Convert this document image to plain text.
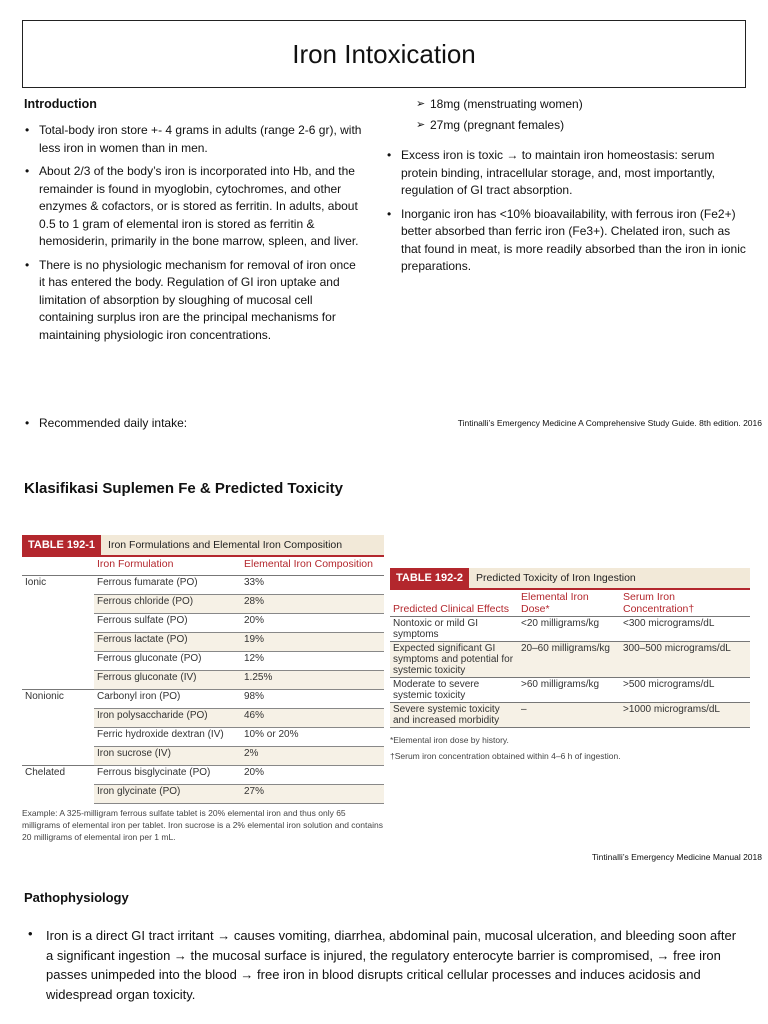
Iron Intoxication
Introduction
• Total-body iron store +- 4 grams in adults (range 2-6 gr), with less iron in women than in men.
• About 2/3 of the body’s iron is incorporated into Hb, and the remainder is found in myoglobin, cytochromes, and other enzymes & cofactors, or is stored as ferritin. In adults, about 0.5 to 1 gram of elemental iron is stored as ferritin & hemosiderin, primarily in the bone marrow, spleen, and liver.
• There is no physiologic mechanism for removal of iron once it has entered the body. Regulation of GI iron uptake and limitation of absorption by sloughing of mucosal cell containing surplus iron are the principal mechanisms for maintaining physiologic iron concentrations.
• Recommended daily intake:
➢ 18mg (menstruating women)
➢ 27mg (pregnant females)
• Excess iron is toxic → to maintain iron homeostasis: serum protein binding, intracellular storage, and, most importantly, regulation of GI tract absorption.
• Inorganic iron has <10% bioavailability, with ferrous iron (Fe2+) better absorbed than ferric iron (Fe3+). Chelated iron, such as that found in meat, is more readily absorbed than the iron in ionic preparations.
Tintinalli’s Emergency Medicine A Comprehensive Study Guide. 8th edition. 2016
Klasifikasi Suplemen Fe & Predicted Toxicity
TABLE 192-1	Iron Formulations and Elemental Iron Composition
	Iron Formulation	Elemental Iron Composition
Ionic	Ferrous fumarate (PO)	33%
	Ferrous chloride (PO)	28%
	Ferrous sulfate (PO)	20%
	Ferrous lactate (PO)	19%
	Ferrous gluconate (PO)	12%
	Ferrous gluconate (IV)	1.25%
Nonionic	Carbonyl iron (PO)	98%
	Iron polysaccharide (PO)	46%
	Ferric hydroxide dextran (IV)	10% or 20%
	Iron sucrose (IV)	2%
Chelated	Ferrous bisglycinate (PO)	20%
	Iron glycinate (PO)	27%
Example: A 325-milligram ferrous sulfate tablet is 20% elemental iron and thus only 65 milligrams of elemental iron per tablet. Iron sucrose is a 2% elemental iron solution and contains 20 milligrams of elemental iron per 1 mL.
TABLE 192-2	Predicted Toxicity of Iron Ingestion
Predicted Clinical Effects	Elemental Iron Dose*	Serum Iron Concentration†
Nontoxic or mild GI symptoms	<20 milligrams/kg	<300 micrograms/dL
Expected significant GI symptoms and potential for systemic toxicity	20–60 milligrams/kg	300–500 micrograms/dL
Moderate to severe systemic toxicity	>60 milligrams/kg	>500 micrograms/dL
Severe systemic toxicity and increased morbidity	–	>1000 micrograms/dL
*Elemental iron dose by history.
†Serum iron concentration obtained within 4–6 h of ingestion.
Tintinalli’s Emergency Medicine Manual 2018
Pathophysiology
• Iron is a direct GI tract irritant → causes vomiting, diarrhea, abdominal pain, mucosal ulceration, and bleeding soon after a significant ingestion → the mucosal surface is injured, the regulatory enterocyte barrier is compromised, → free iron passes unimpeded into the blood → free iron in blood disrupts critical cellular processes and induces acidosis and widespread organ toxicity.
